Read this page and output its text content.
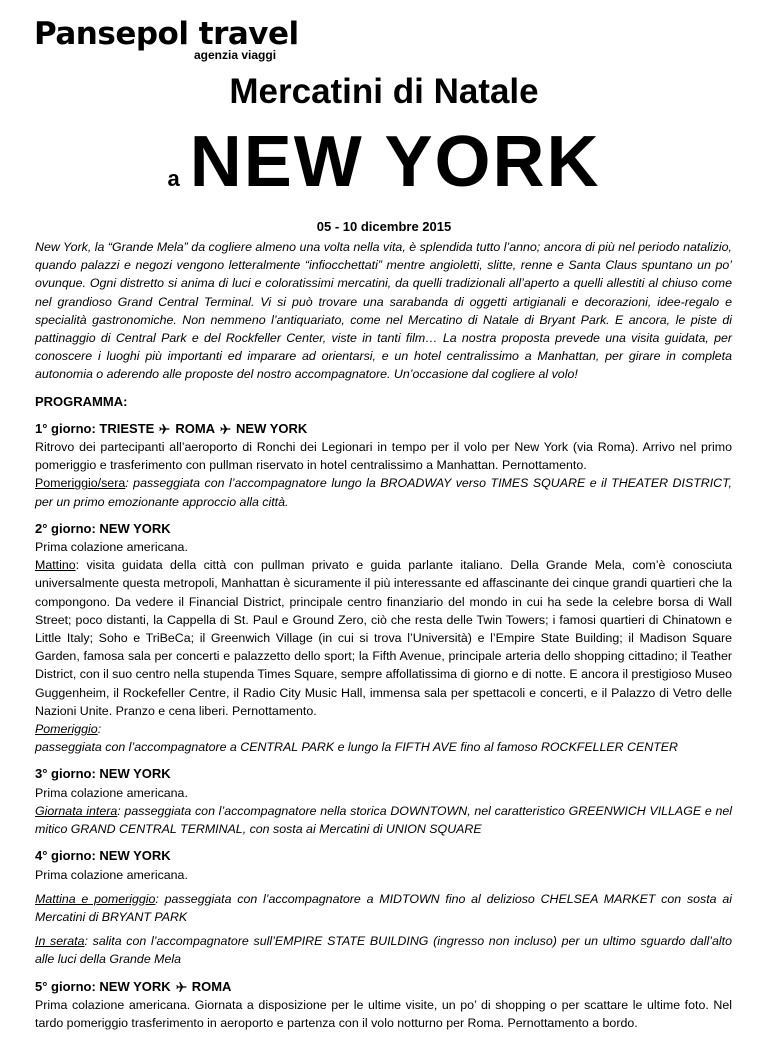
Pansepol travel
agenzia viaggi
Mercatini di Natale
a NEW YORK
05 - 10 dicembre 2015

New York, la “Grande Mela” da cogliere almeno una volta nella vita, è splendida tutto l’anno; ancora di più nel periodo natalizio, quando palazzi e negozi vengono letteralmente “infiocchettati” mentre angioletti, slitte, renne e Santa Claus spuntano un po’ ovunque. Ogni distretto si anima di luci e coloratissimi mercatini, da quelli tradizionali all’aperto a quelli allestiti al chiuso come nel grandioso Grand Central Terminal. Vi si può trovare una sarabanda di oggetti artigianali e decorazioni, idee-regalo e specialità gastronomiche. Non nemmeno l’antiquariato, come nel Mercatino di Natale di Bryant Park. E ancora, le piste di pattinaggio di Central Park e del Rockfeller Center, viste in tanti film… La nostra proposta prevede una visita guidata, per conoscere i luoghi più importanti ed imparare ad orientarsi, e un hotel centralissimo a Manhattan, per girare in completa autonomia o aderendo alle proposte del nostro accompagnatore. Un’occasione dal cogliere al volo!

PROGRAMMA:
1° giorno: TRIESTE ROMA NEW YORK

Ritrovo dei partecipanti all’aeroporto di Ronchi dei Legionari in tempo per il volo per New York (via Roma). Arrivo nel primo pomeriggio e trasferimento con pullman riservato in hotel centralissimo a Manhattan. Pernottamento.
Pomeriggio/sera: passeggiata con l’accompagnatore lungo la BROADWAY verso TIMES SQUARE e il THEATER DISTRICT, per un primo emozionante approccio alla città.

2° giorno: NEW YORK

Prima colazione americana.
Mattino: visita guidata della città con pullman privato e guida parlante italiano. Della Grande Mela, com’è conosciuta universalmente questa metropoli, Manhattan è sicuramente il più interessante ed affascinante dei cinque grandi quartieri che la compongono. Da vedere il Financial District, principale centro finanziario del mondo in cui ha sede la celebre borsa di Wall Street; poco distanti, la Cappella di St. Paul e Ground Zero, ciò che resta delle Twin Towers; i famosi quartieri di Chinatown e Little Italy; Soho e TriBeCa; il Greenwich Village (in cui si trova l’Università) e l’Empire State Building; il Madison Square Garden, famosa sala per concerti e palazzetto dello sport; la Fifth Avenue, principale arteria dello shopping cittadino; il Teather District, con il suo centro nella stupenda Times Square, sempre affollatissima di giorno e di notte. E ancora il prestigioso Museo Guggenheim, il Rockefeller Centre, il Radio City Music Hall, immensa sala per spettacoli e concerti, e il Palazzo di Vetro delle Nazioni Unite. Pranzo e cena liberi. Pernottamento.
Pomeriggio:
passeggiata con l’accompagnatore a CENTRAL PARK e lungo la FIFTH AVE fino al famoso ROCKFELLER CENTER

3° giorno: NEW YORK

Prima colazione americana.
Giornata intera: passeggiata con l’accompagnatore nella storica DOWNTOWN, nel caratteristico GREENWICH VILLAGE e nel mitico GRAND CENTRAL TERMINAL, con sosta ai Mercatini di UNION SQUARE

4° giorno: NEW YORK

Prima colazione americana.

Mattina e pomeriggio: passeggiata con l’accompagnatore a MIDTOWN fino al delizioso CHELSEA MARKET con sosta ai Mercatini di BRYANT PARK

In serata: salita con l’accompagnatore sull’EMPIRE STATE BUILDING (ingresso non incluso) per un ultimo sguardo dall’alto alle luci della Grande Mela

5° giorno: NEW YORK ROMA

Prima colazione americana. Giornata a disposizione per le ultime visite, un po’ di shopping o per scattare le ultime foto. Nel tardo pomeriggio trasferimento in aeroporto e partenza con il volo notturno per Roma. Pernottamento a bordo.
